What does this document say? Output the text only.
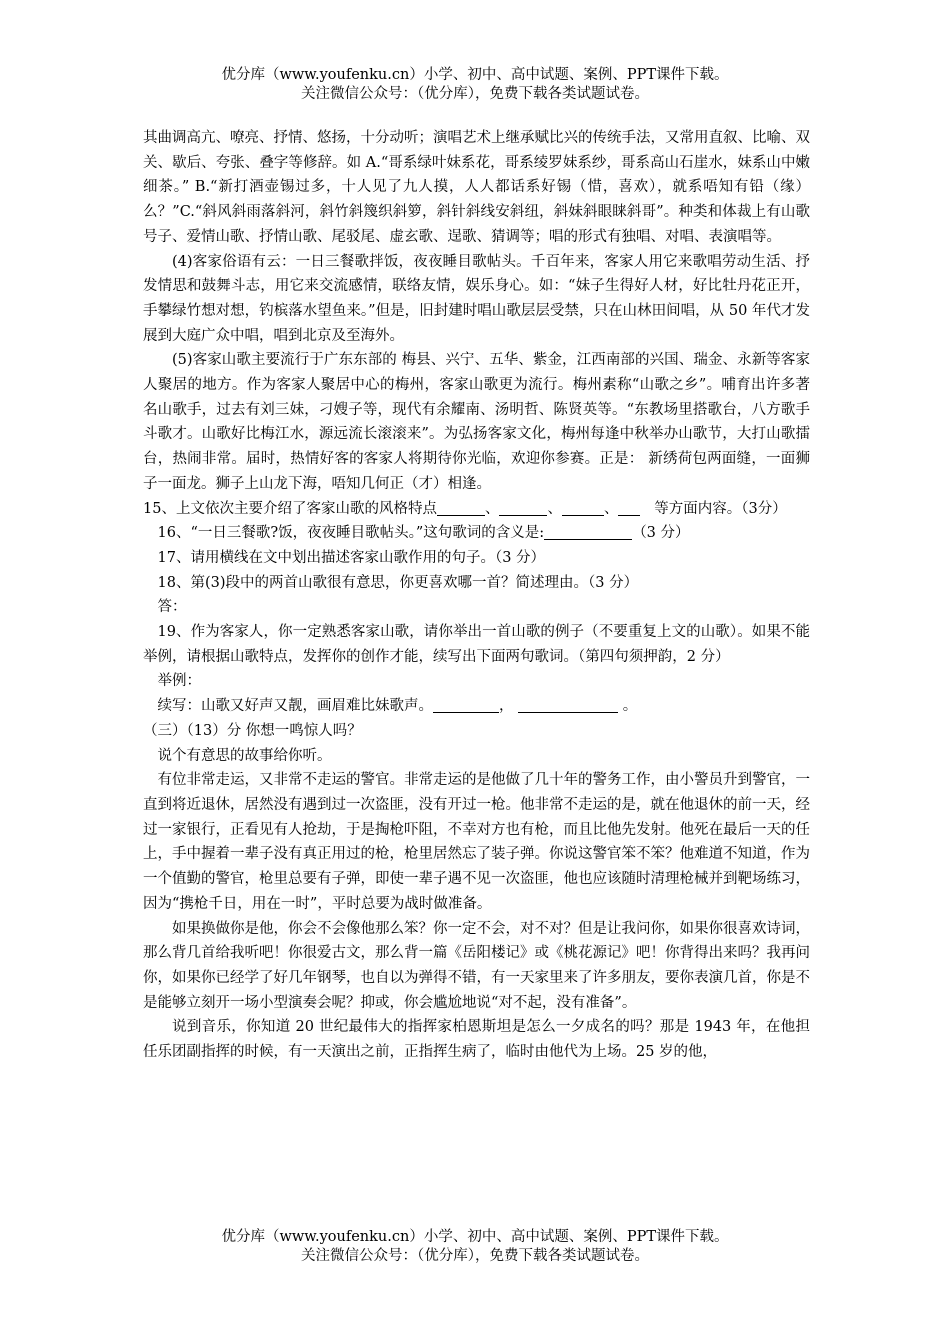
优分库（www.youfenku.cn）小学、初中、高中试题、案例、PPT课件下载。
关注微信公众号：（优分库），免费下载各类试题试卷。

其曲调高亢、嘹亮、抒情、悠扬，十分动听；演唱艺术上继承赋比兴的传统手法，又常用直叙、比喻、双关、歇后、夸张、叠字等修辞。如 A.“哥系绿叶妹系花，哥系绫罗妹系纱，哥系高山石崖水，妹系山中嫩细茶。” B.“新打酒壶锡过多，十人见了九人摸，人人都话系好锡（惜，喜欢），就系唔知有铅（缘）么？”C.“斜风斜雨落斜河，斜竹斜篾织斜箩，斜针斜线安斜纽，斜妹斜眼睐斜哥”。种类和体裁上有山歌号子、爱情山歌、抒情山歌、尾驳尾、虚玄歌、逞歌、猜调等；唱的形式有独唱、对唱、表演唱等。

(4)客家俗语有云：一日三餐歌拌饭，夜夜睡目歌帖头。千百年来，客家人用它来歌唱劳动生活、抒发情思和鼓舞斗志，用它来交流感情，联络友情，娱乐身心。如：“妹子生得好人材，好比牡丹花正开，手攀绿竹想对想，钓槟落水望鱼来。”但是，旧封建时唱山歌层层受禁，只在山林田间唱，从 50 年代才发展到大庭广众中唱，唱到北京及至海外。

(5)客家山歌主要流行于广东东部的 梅县、兴宁、五华、紫金，江西南部的兴国、瑞金、永新等客家人聚居的地方。作为客家人聚居中心的梅州，客家山歌更为流行。梅州素称“山歌之乡”。哺育出许多著名山歌手，过去有刘三妹，刁嫂子等，现代有余耀南、汤明哲、陈贤英等。“东教场里搭歌台，八方歌手斗歌才。山歌好比梅江水，源远流长滚滚来”。为弘扬客家文化，梅州每逢中秋举办山歌节，大打山歌擂台，热闹非常。届时，热情好客的客家人将期待你光临，欢迎你参赛。正是： 新绣荷包两面缝，一面狮子一面龙。狮子上山龙下海，唔知几何正（才）相逢。

15、上文依次主要介绍了客家山歌的风格特点	、	、	、 等方面内容。（3分）

16、“一日三餐歌?饭，夜夜睡目歌帖头。”这句歌词的含义是:	（3 分）

17、请用横线在文中划出描述客家山歌作用的句子。（3 分）

18、第(3)段中的两首山歌很有意思，你更喜欢哪一首？简述理由。（3 分）

答：

19、作为客家人，你一定熟悉客家山歌，请你举出一首山歌的例子（不要重复上文的山歌）。如果不能举例，请根据山歌特点，发挥你的创作才能，续写出下面两句歌词。（第四句须押韵，2 分）

举例：

续写：山歌又好声又靓，画眉难比妹歌声。	，	。

（三）（13）分 你想一鸣惊人吗？

说个有意思的故事给你听。

有位非常走运，又非常不走运的警官。非常走运的是他做了几十年的警务工作，由小警员升到警官，一直到将近退休，居然没有遇到过一次盗匪，没有开过一枪。他非常不走运的是，就在他退休的前一天，经过一家银行，正看见有人抢劫，于是掏枪吓阻，不幸对方也有枪，而且比他先发射。他死在最后一天的任上，手中握着一辈子没有真正用过的枪，枪里居然忘了装子弹。你说这警官笨不笨？他难道不知道，作为一个值勤的警官，枪里总要有子弹，即使一辈子遇不见一次盗匪，他也应该随时清理枪械并到靶场练习，因为“携枪千日，用在一时”，平时总要为战时做准备。

如果换做你是他，你会不会像他那么笨？你一定不会，对不对？但是让我问你，如果你很喜欢诗词，那么背几首给我听吧！你很爱古文，那么背一篇《岳阳楼记》或《桃花源记》吧！你背得出来吗？我再问你，如果你已经学了好几年钢琴，也自以为弹得不错，有一天家里来了许多朋友，要你表演几首，你是不是能够立刻开一场小型演奏会呢？抑或，你会尴尬地说“对不起，没有准备”。

说到音乐，你知道 20 世纪最伟大的指挥家柏恩斯坦是怎么一夕成名的吗？那是 1943 年，在他担任乐团副指挥的时候，有一天演出之前，正指挥生病了，临时由他代为上场。25 岁的他，

优分库（www.youfenku.cn）小学、初中、高中试题、案例、PPT课件下载。
关注微信公众号：（优分库），免费下载各类试题试卷。
